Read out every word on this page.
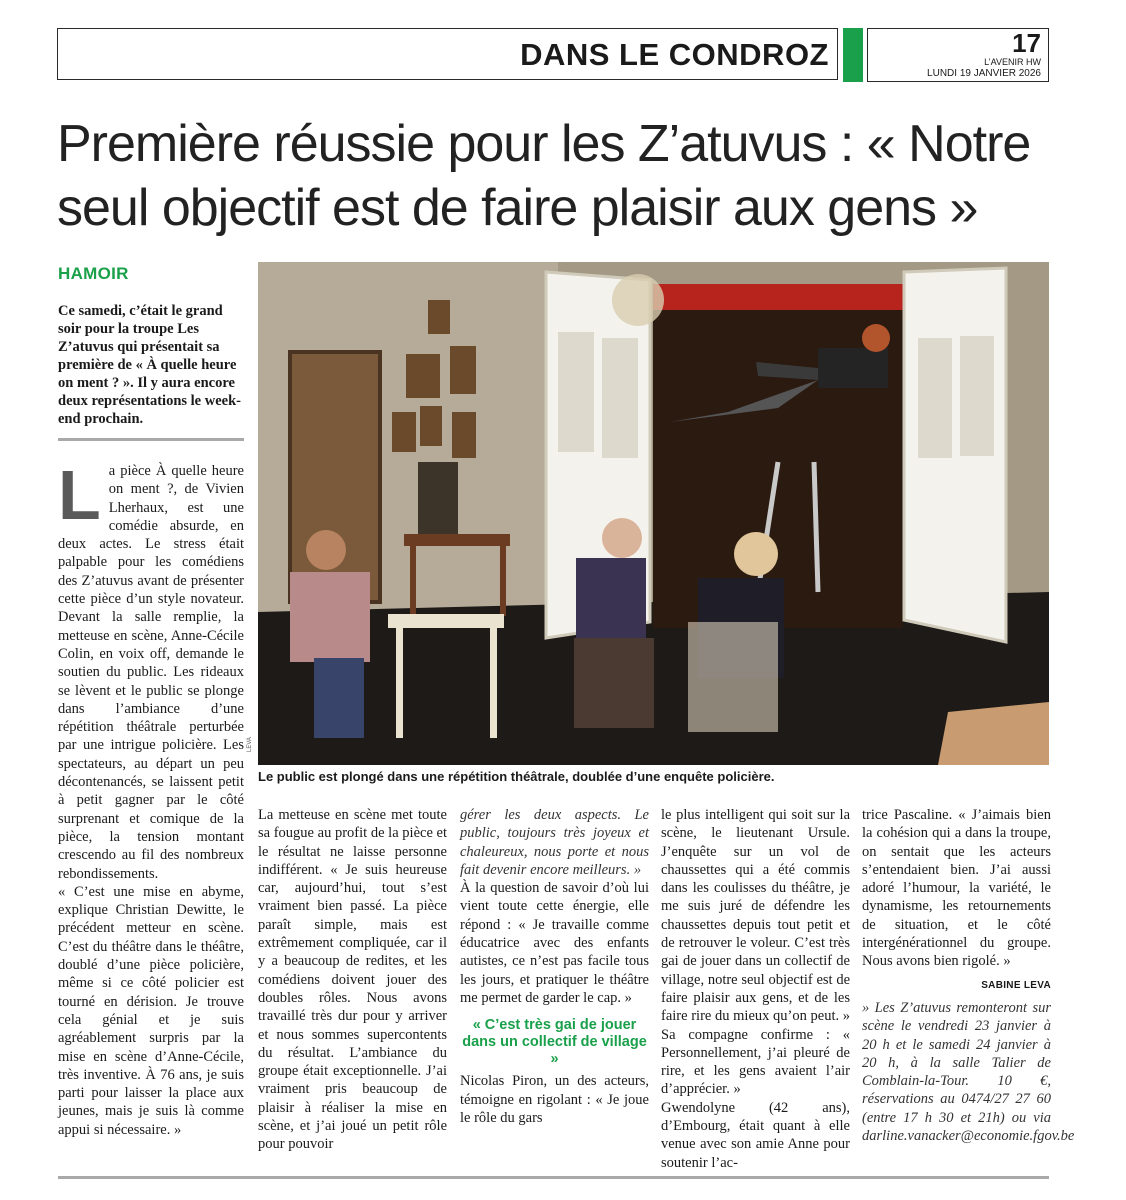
DANS LE CONDROZ	17
L’AVENIR HW
LUNDI 19 JANVIER 2026
Première réussie pour les Z’atuvus : « Notre seul objectif est de faire plaisir aux gens »
HAMOIR
Ce samedi, c’était le grand soir pour la troupe Les Z’atuvus qui présentait sa première de « À quelle heure on ment ? ». Il y aura encore deux représentations le week-end prochain.

La pièce À quelle heure on ment ?, de Vivien Lherhaux, est une comédie absurde, en deux actes. Le stress était palpable pour les comédiens des Z’atuvus avant de présenter cette pièce d’un style novateur. Devant la salle remplie, la metteuse en scène, Anne-Cécile Colin, en voix off, demande le soutien du public. Les rideaux se lèvent et le public se plonge dans l’ambiance d’une répétition théâtrale perturbée par une intrigue policière. Les spectateurs, au départ un peu décontenancés, se laissent petit à petit gagner par le côté surprenant et comique de la pièce, la tension montant crescendo au fil des nombreux rebondissements.

« C’est une mise en abyme, explique Christian Dewitte, le précédent metteur en scène. C’est du théâtre dans le théâtre, doublé d’une pièce policière, même si ce côté policier est tourné en dérision. Je trouve cela génial et je suis agréablement surpris par la mise en scène d’Anne-Cécile, très inventive. À 76 ans, je suis parti pour laisser la place aux jeunes, mais je suis là comme appui si nécessaire. »

LEVA
Le public est plongé dans une répétition théâtrale, doublée d’une enquête policière.

La metteuse en scène met toute sa fougue au profit de la pièce et le résultat ne laisse personne indifférent. « Je suis heureuse car, aujourd’hui, tout s’est vraiment bien passé. La pièce paraît simple, mais est extrêmement compliquée, car il y a beaucoup de redites, et les comédiens doivent jouer des doubles rôles. Nous avons travaillé très dur pour y arriver et nous sommes supercontents du résultat. L’ambiance du groupe était exceptionnelle. J’ai vraiment pris beaucoup de plaisir à réaliser la mise en scène, et j’ai joué un petit rôle pour pouvoir

gérer les deux aspects. Le public, toujours très joyeux et chaleureux, nous porte et nous fait devenir encore meilleurs. »

À la question de savoir d’où lui vient toute cette énergie, elle répond : « Je travaille comme éducatrice avec des enfants autistes, ce n’est pas facile tous les jours, et pratiquer le théâtre me permet de garder le cap. »

« C’est très gai de jouer dans un collectif de village »

Nicolas Piron, un des acteurs, témoigne en rigolant : « Je joue le rôle du gars

le plus intelligent qui soit sur la scène, le lieutenant Ursule. J’enquête sur un vol de chaussettes qui a été commis dans les coulisses du théâtre, je me suis juré de défendre les chaussettes depuis tout petit et de retrouver le voleur. C’est très gai de jouer dans un collectif de village, notre seul objectif est de faire plaisir aux gens, et de les faire rire du mieux qu’on peut. » Sa compagne confirme : « Personnellement, j’ai pleuré de rire, et les gens avaient l’air d’apprécier. »

Gwendolyne (42 ans), d’Embourg, était quant à elle venue avec son amie Anne pour soutenir l’ac-

trice Pascaline. « J’aimais bien la cohésion qui a dans la troupe, on sentait que les acteurs s’entendaient bien. J’ai aussi adoré l’humour, la variété, le dynamisme, les retournements de situation, et le côté intergénérationnel du groupe. Nous avons bien rigolé. »

SABINE LEVA

» Les Z’atuvus remonteront sur scène le vendredi 23 janvier à 20 h et le samedi 24 janvier à 20 h, à la salle Talier de Comblain-la-Tour. 10 €, réservations au 0474/27 27 60 (entre 17 h 30 et 21h) ou via darline.vanacker@economie.fgov.be
